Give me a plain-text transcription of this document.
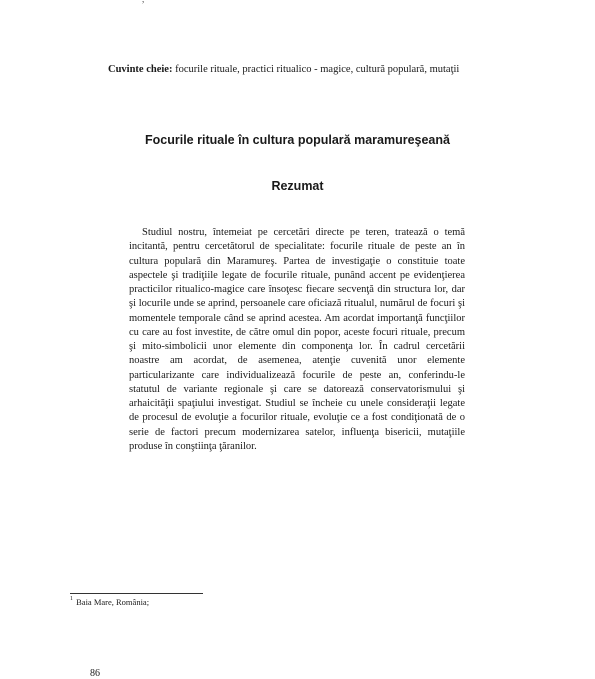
Cuvinte cheie: focurile rituale, practici ritualico - magice, cultură populară, mutaţii
Focurile rituale în cultura populară maramureşeană
Rezumat

Studiul nostru, întemeiat pe cercetări directe pe teren, tratează o temă incitantă, pentru cercetătorul de specialitate: focurile rituale de peste an în cultura populară din Maramureş. Partea de investigaţie o constituie toate aspectele şi tradiţiile legate de focurile rituale, punând accent pe evidenţierea practicilor ritualico-magice care însoţesc fiecare secvenţă din structura lor, dar şi locurile unde se aprind, persoanele care oficiază ritualul, numărul de focuri şi momentele temporale când se aprind acestea. Am acordat importanţă funcţiilor cu care au fost investite, de către omul din popor, aceste focuri rituale, precum şi mito-simbolicii unor elemente din componenţa lor. În cadrul cercetării noastre am acordat, de asemenea, atenţie cuvenită unor elemente particularizante care individualizează focurile de peste an, conferindu-le statutul de variante regionale şi care se datorează conservatorismului şi arhaicităţii spaţiului investigat. Studiul se încheie cu unele consideraţii legate de procesul de evoluţie a focurilor rituale, evoluţie ce a fost condiţionată de o serie de factori precum modernizarea satelor, influenţa bisericii, mutaţiile produse în conştiinţa ţăranilor.

$^1$ Baia Mare, România;
86
